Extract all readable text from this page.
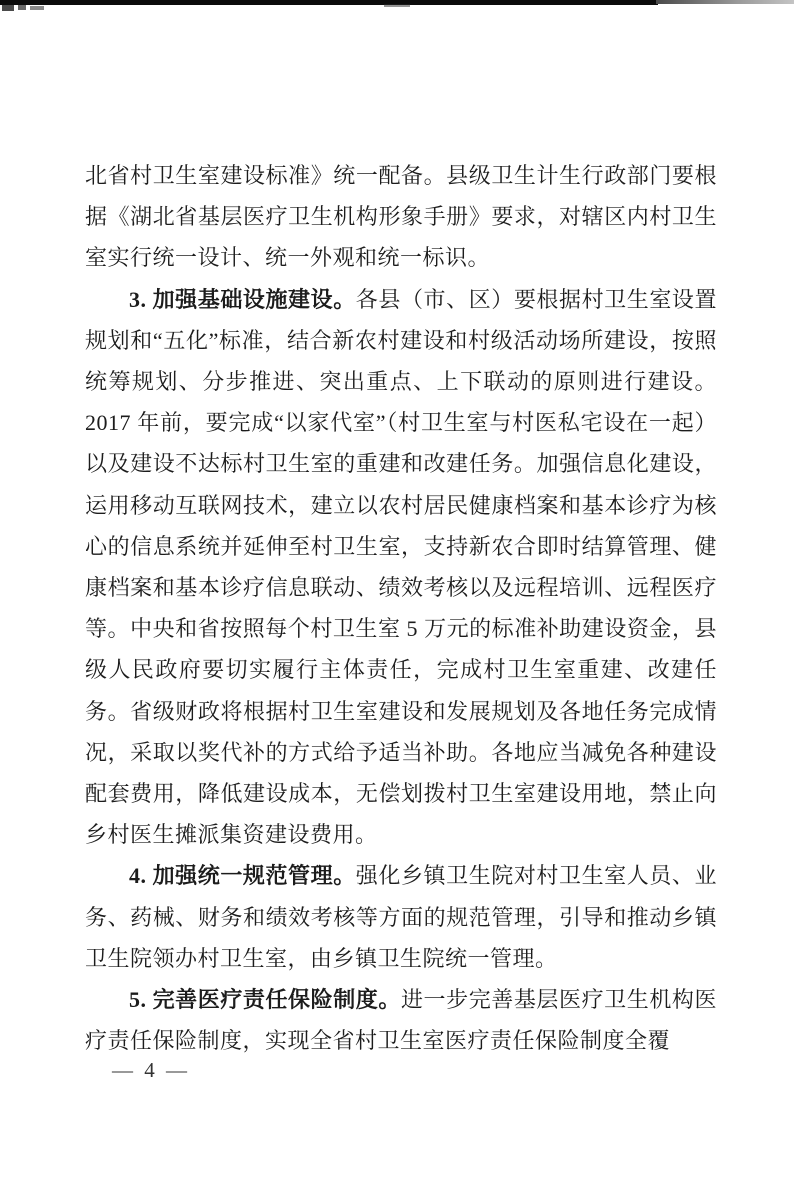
北省村卫生室建设标准》统一配备。县级卫生计生行政部门要根据《湖北省基层医疗卫生机构形象手册》要求，对辖区内村卫生室实行统一设计、统一外观和统一标识。

3. 加强基础设施建设。各县（市、区）要根据村卫生室设置规划和“五化”标准，结合新农村建设和村级活动场所建设，按照统筹规划、分步推进、突出重点、上下联动的原则进行建设。2017 年前，要完成“以家代室”（村卫生室与村医私宅设在一起）以及建设不达标村卫生室的重建和改建任务。加强信息化建设，运用移动互联网技术，建立以农村居民健康档案和基本诊疗为核心的信息系统并延伸至村卫生室，支持新农合即时结算管理、健康档案和基本诊疗信息联动、绩效考核以及远程培训、远程医疗等。中央和省按照每个村卫生室 5 万元的标准补助建设资金，县级人民政府要切实履行主体责任，完成村卫生室重建、改建任务。省级财政将根据村卫生室建设和发展规划及各地任务完成情况，采取以奖代补的方式给予适当补助。各地应当减免各种建设配套费用，降低建设成本，无偿划拨村卫生室建设用地，禁止向乡村医生摊派集资建设费用。

4. 加强统一规范管理。强化乡镇卫生院对村卫生室人员、业务、药械、财务和绩效考核等方面的规范管理，引导和推动乡镇卫生院领办村卫生室，由乡镇卫生院统一管理。

5. 完善医疗责任保险制度。进一步完善基层医疗卫生机构医疗责任保险制度，实现全省村卫生室医疗责任保险制度全覆

— 4 —
